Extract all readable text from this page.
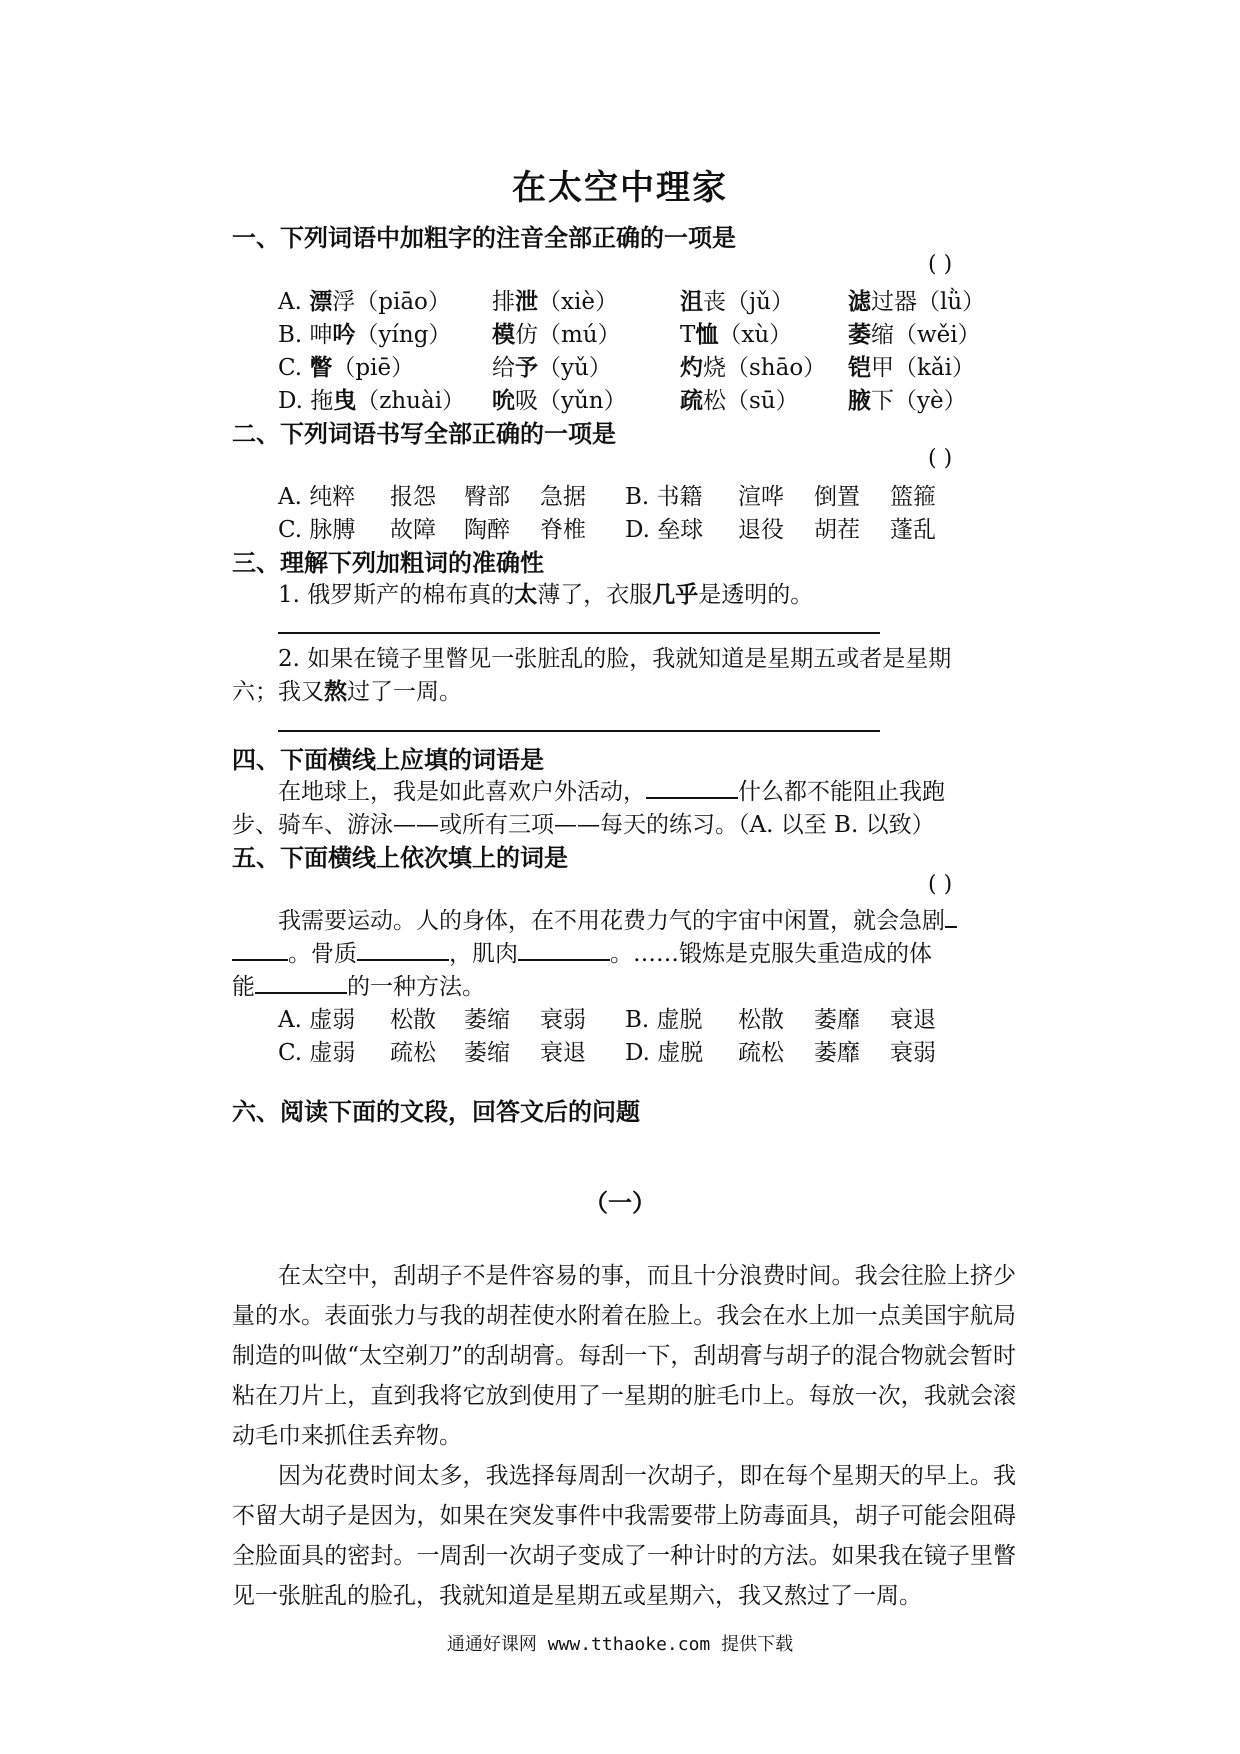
在太空中理家
一、下列词语中加粗字的注音全部正确的一项是
( )
A. 漂浮（piāo） 排泄（xiè）	沮丧（jǔ） 滤过器（lǜ）
B. 呻吟（yíng） 模仿（mú）	T恤（xù） 萎缩（wěi）
C. 瞥（piē）	给予（yǔ）	灼烧（shāo） 铠甲（kǎi）
D. 拖曳（zhuài） 吮吸（yǔn） 疏松（sū） 腋下（yè）
二、下列词语书写全部正确的一项是
( )
A. 纯粹 报怨 臀部 急据 B. 书籍 渲哗 倒置 篮箍
C. 脉膊 故障 陶醉 脊椎 D. 垒球 退役 胡茬 蓬乱
三、理解下列加粗词的准确性
1. 俄罗斯产的棉布真的太薄了，衣服几乎是透明的。
2. 如果在镜子里瞥见一张脏乱的脸，我就知道是星期五或者是星期
六；我又熬过了一周。
四、下面横线上应填的词语是
在地球上，我是如此喜欢户外活动，	什么都不能阻止我跑
步、骑车、游泳——或所有三项——每天的练习。（A. 以至 B. 以致）
五、下面横线上依次填上的词是
( )
我需要运动。人的身体，在不用花费力气的宇宙中闲置，就会急剧
。骨质	，肌肉	。……锻炼是克服失重造成的体
能	的一种方法。
A. 虚弱 松散 萎缩 衰弱 B. 虚脱 松散 萎靡 衰退
C. 虚弱 疏松 萎缩 衰退 D. 虚脱 疏松 萎靡 衰弱
六、阅读下面的文段，回答文后的问题
（一）
在太空中，刮胡子不是件容易的事，而且十分浪费时间。我会往脸上挤少量的水。表面张力与我的胡茬使水附着在脸上。我会在水上加一点美国宇航局制造的叫做“太空剃刀”的刮胡膏。每刮一下，刮胡膏与胡子的混合物就会暂时粘在刀片上，直到我将它放到使用了一星期的脏毛巾上。每放一次，我就会滚动毛巾来抓住丢弃物。
因为花费时间太多，我选择每周刮一次胡子，即在每个星期天的早上。我不留大胡子是因为，如果在突发事件中我需要带上防毒面具，胡子可能会阻碍全脸面具的密封。一周刮一次胡子变成了一种计时的方法。如果我在镜子里瞥见一张脏乱的脸孔，我就知道是星期五或星期六，我又熬过了一周。
通通好课网 www.tthaoke.com 提供下载
